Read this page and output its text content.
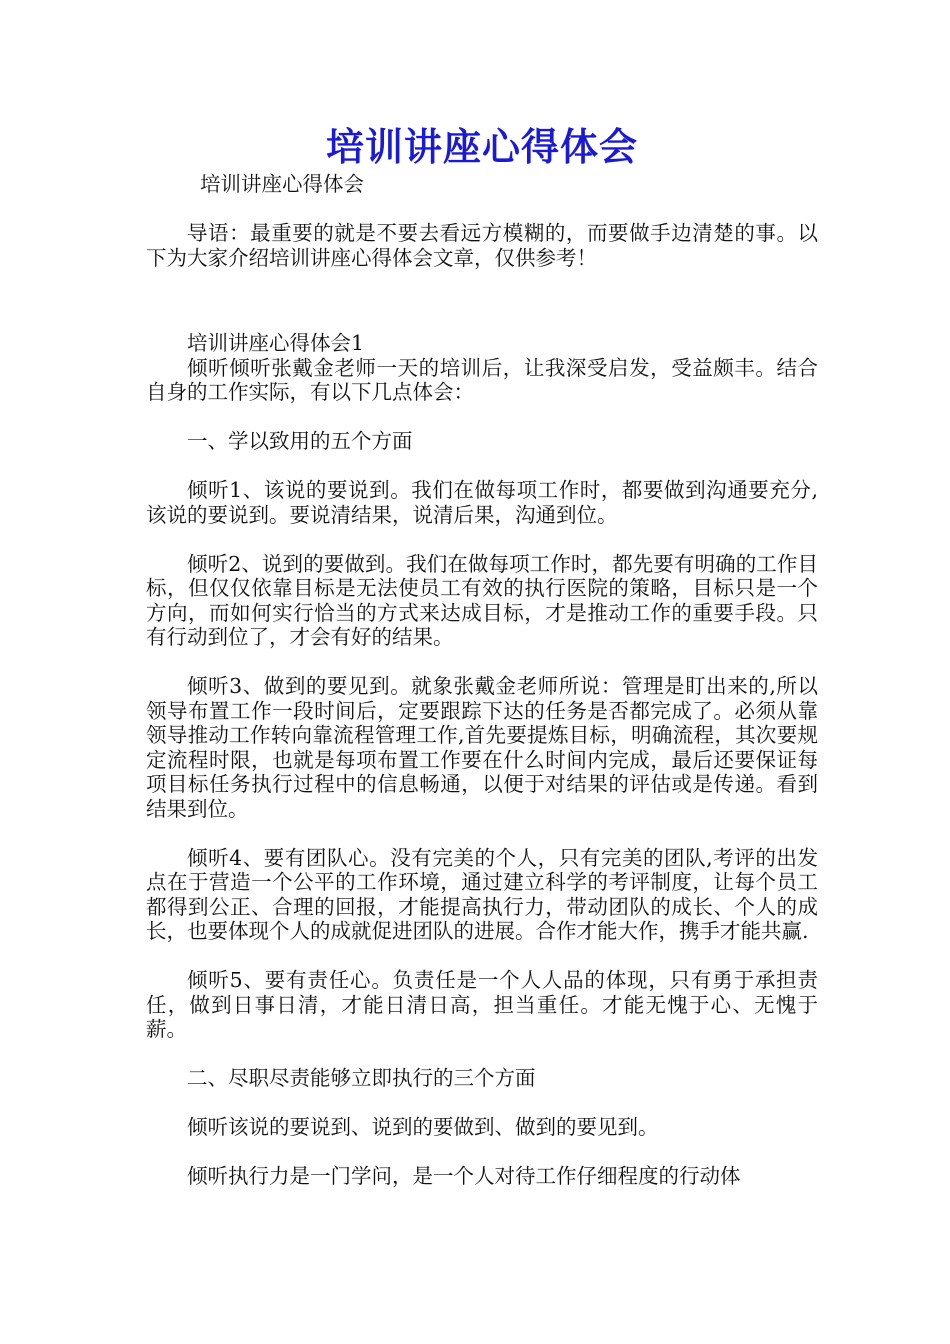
培训讲座心得体会
培训讲座心得体会

导语：最重要的就是不要去看远方模糊的，而要做手边清楚的事。以下为大家介绍培训讲座心得体会文章，仅供参考！

培训讲座心得体会1

倾听倾听张戴金老师一天的培训后，让我深受启发，受益颇丰。结合自身的工作实际，有以下几点体会：

一、学以致用的五个方面

倾听1、该说的要说到。我们在做每项工作时，都要做到沟通要充分,该说的要说到。要说清结果，说清后果，沟通到位。

倾听2、说到的要做到。我们在做每项工作时，都先要有明确的工作目标，但仅仅依靠目标是无法使员工有效的执行医院的策略，目标只是一个方向，而如何实行恰当的方式来达成目标，才是推动工作的重要手段。只有行动到位了，才会有好的结果。

倾听3、做到的要见到。就象张戴金老师所说：管理是盯出来的,所以领导布置工作一段时间后，定要跟踪下达的任务是否都完成了。必须从靠领导推动工作转向靠流程管理工作,首先要提炼目标，明确流程，其次要规定流程时限，也就是每项布置工作要在什么时间内完成，最后还要保证每项目标任务执行过程中的信息畅通，以便于对结果的评估或是传递。看到结果到位。

倾听4、要有团队心。没有完美的个人，只有完美的团队,考评的出发点在于营造一个公平的工作环境，通过建立科学的考评制度，让每个员工都得到公正、合理的回报，才能提高执行力，带动团队的成长、个人的成长，也要体现个人的成就促进团队的进展。合作才能大作，携手才能共赢.

倾听5、要有责任心。负责任是一个人人品的体现，只有勇于承担责任，做到日事日清，才能日清日高，担当重任。才能无愧于心、无愧于薪。

二、尽职尽责能够立即执行的三个方面

倾听该说的要说到、说到的要做到、做到的要见到。

倾听执行力是一门学问，是一个人对待工作仔细程度的行动体
